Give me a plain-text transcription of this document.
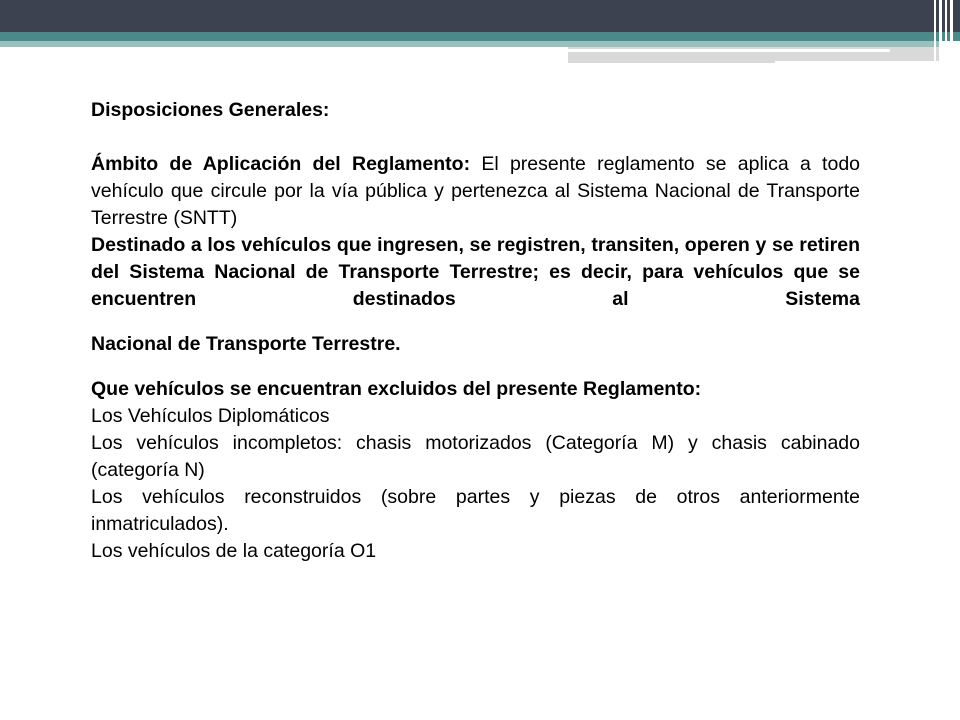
Disposiciones Generales:

Ámbito de Aplicación del Reglamento: El presente reglamento se aplica a todo vehículo que circule por la vía pública y pertenezca al Sistema Nacional de Transporte Terrestre (SNTT)

Destinado a los vehículos que ingresen, se registren, transiten, operen y se retiren del Sistema Nacional de Transporte Terrestre; es decir, para vehículos que se encuentren destinados al Sistema

Nacional de Transporte Terrestre.

Que vehículos se encuentran excluidos del presente Reglamento:

Los Vehículos Diplomáticos

Los vehículos incompletos: chasis motorizados (Categoría M) y chasis cabinado (categoría N)

Los vehículos reconstruidos (sobre partes y piezas de otros anteriormente inmatriculados).

Los vehículos de la categoría O1
